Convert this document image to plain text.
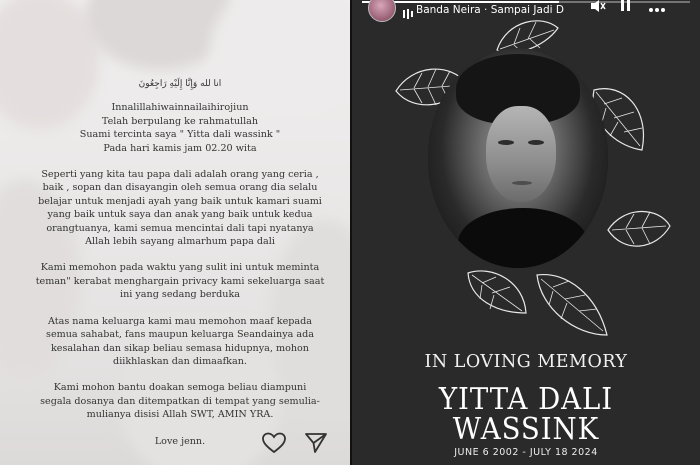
انا لله وَإِنَّا إِلَيْهِ رَاجِعُونَ

Innalillahiwainnailaihirojiun
Telah berpulang ke rahmatullah
Suami tercinta saya " Yitta dali wassink "
Pada hari kamis jam 02.20 wita

Seperti yang kita tau papa dali adalah orang yang ceria ,
baik , sopan dan disayangin oleh semua orang dia selalu
belajar untuk menjadi ayah yang baik untuk kamari suami
yang baik untuk saya dan anak yang baik untuk kedua
orangtuanya, kami semua mencintai dali tapi nyatanya
Allah lebih sayang almarhum papa dali

Kami memohon pada waktu yang sulit ini untuk meminta
teman" kerabat menghargain privacy kami sekeluarga saat
ini yang sedang berduka

Atas nama keluarga kami mau memohon maaf kepada
semua sahabat, fans maupun keluarga Seandainya ada
kesalahan dan sikap beliau semasa hidupnya, mohon
diikhlaskan dan dimaafkan.

Kami mohon bantu doakan semoga beliau diampuni
segala dosanya dan ditempatkan di tempat yang semulia-
mulianya disisi Allah SWT, AMIN YRA.

Love jenn.

IN LOVING MEMORY
YITTA DALI
WASSINK
JUNE 6 2002 - JULY 18 2024
Banda Neira · Sampai Jadi D
